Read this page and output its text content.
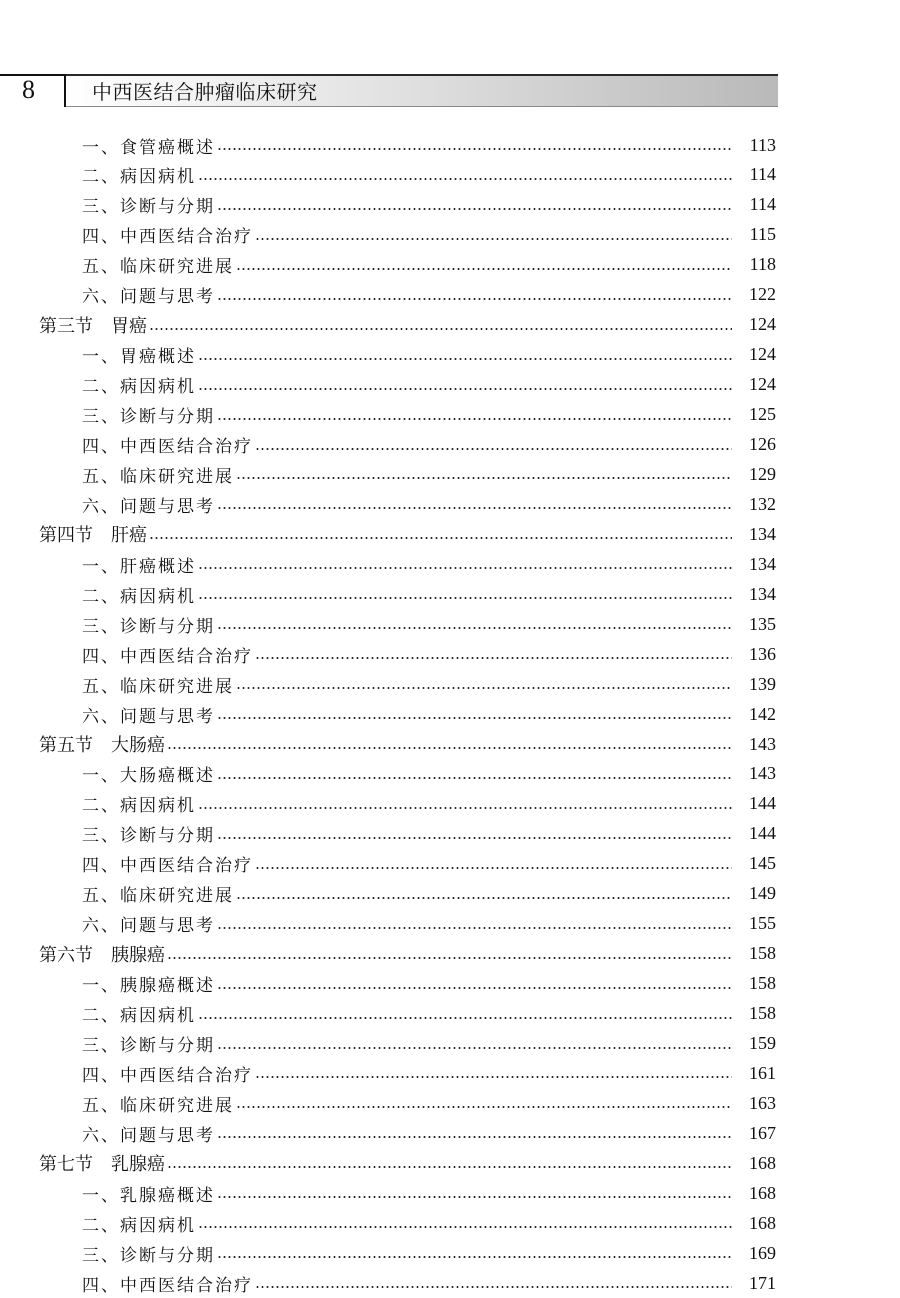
8	中西医结合肿瘤临床研究
一、食管癌概述	113
二、病因病机	114
三、诊断与分期	114
四、中西医结合治疗	115
五、临床研究进展	118
六、问题与思考	122
第三节　胃癌	124
一、胃癌概述	124
二、病因病机	124
三、诊断与分期	125
四、中西医结合治疗	126
五、临床研究进展	129
六、问题与思考	132
第四节　肝癌	134
一、肝癌概述	134
二、病因病机	134
三、诊断与分期	135
四、中西医结合治疗	136
五、临床研究进展	139
六、问题与思考	142
第五节　大肠癌	143
一、大肠癌概述	143
二、病因病机	144
三、诊断与分期	144
四、中西医结合治疗	145
五、临床研究进展	149
六、问题与思考	155
第六节　胰腺癌	158
一、胰腺癌概述	158
二、病因病机	158
三、诊断与分期	159
四、中西医结合治疗	161
五、临床研究进展	163
六、问题与思考	167
第七节　乳腺癌	168
一、乳腺癌概述	168
二、病因病机	168
三、诊断与分期	169
四、中西医结合治疗	171
